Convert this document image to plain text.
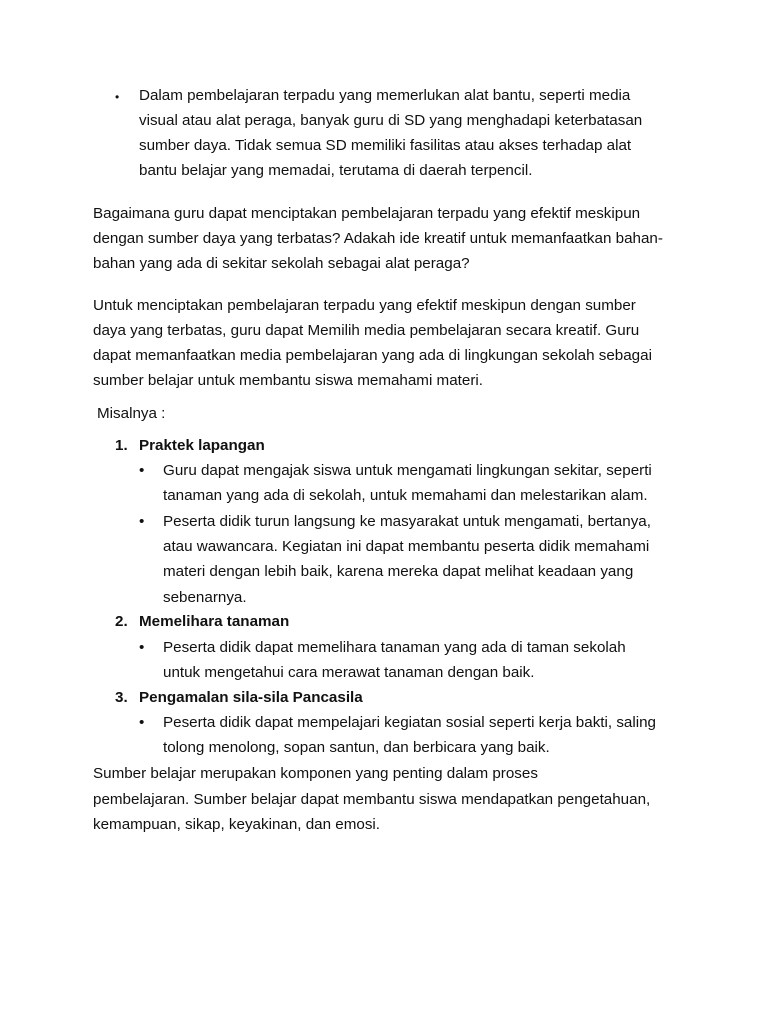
• Dalam pembelajaran terpadu yang memerlukan alat bantu, seperti media
visual atau alat peraga, banyak guru di SD yang menghadapi keterbatasan
sumber daya. Tidak semua SD memiliki fasilitas atau akses terhadap alat
bantu belajar yang memadai, terutama di daerah terpencil.
Bagaimana guru dapat menciptakan pembelajaran terpadu yang efektif meskipun
dengan sumber daya yang terbatas? Adakah ide kreatif untuk memanfaatkan bahan-
bahan yang ada di sekitar sekolah sebagai alat peraga?
Untuk menciptakan pembelajaran terpadu yang efektif meskipun dengan sumber
daya yang terbatas, guru dapat Memilih media pembelajaran secara kreatif. Guru
dapat memanfaatkan media pembelajaran yang ada di lingkungan sekolah sebagai
sumber belajar untuk membantu siswa memahami materi.
Misalnya :
1. Praktek lapangan
• Guru dapat mengajak siswa untuk mengamati lingkungan sekitar, seperti
tanaman yang ada di sekolah, untuk memahami dan melestarikan alam.
• Peserta didik turun langsung ke masyarakat untuk mengamati, bertanya,
atau wawancara. Kegiatan ini dapat membantu peserta didik memahami
materi dengan lebih baik, karena mereka dapat melihat keadaan yang
sebenarnya.
2. Memelihara tanaman
• Peserta didik dapat memelihara tanaman yang ada di taman sekolah
untuk mengetahui cara merawat tanaman dengan baik.
3. Pengamalan sila-sila Pancasila
• Peserta didik dapat mempelajari kegiatan sosial seperti kerja bakti, saling
tolong menolong, sopan santun, dan berbicara yang baik.
Sumber belajar merupakan komponen yang penting dalam proses
pembelajaran. Sumber belajar dapat membantu siswa mendapatkan pengetahuan,
kemampuan, sikap, keyakinan, dan emosi.
